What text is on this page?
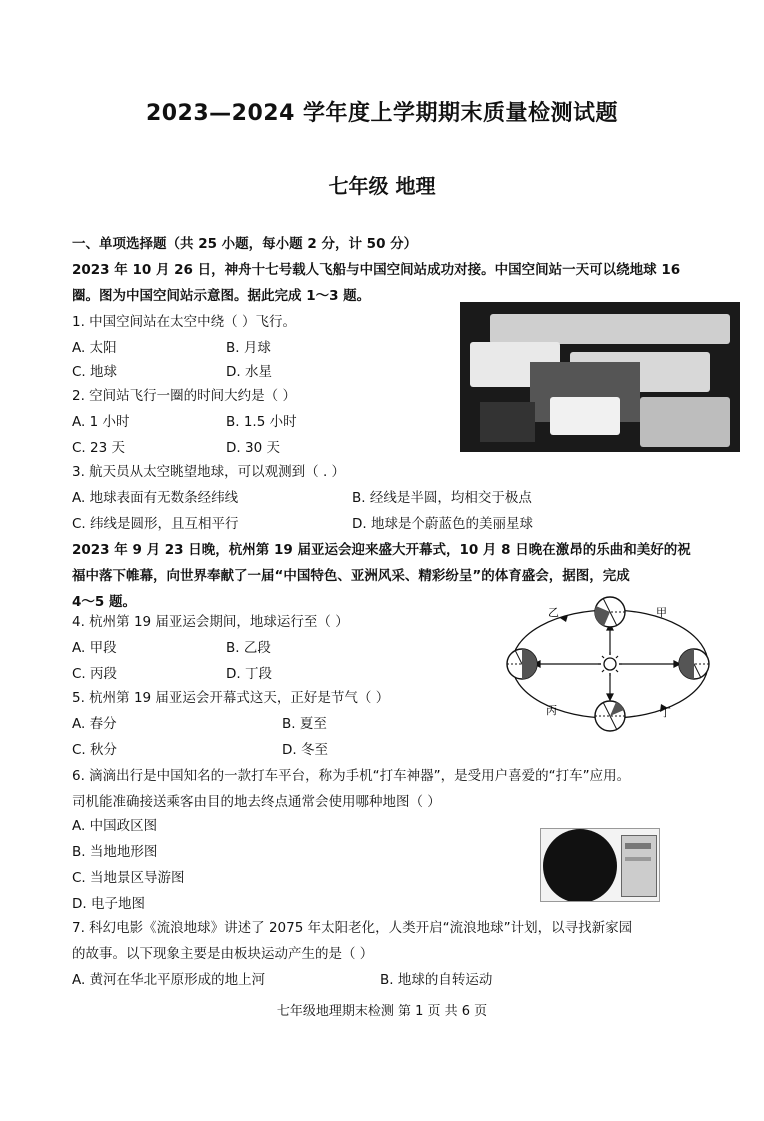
2023—2024 学年度上学期期末质量检测试题
七年级 地理
一、单项选择题（共 25 小题，每小题 2 分，计 50 分）
2023 年 10 月 26 日，神舟十七号载人飞船与中国空间站成功对接。中国空间站一天可以绕地球 16
圈。图为中国空间站示意图。据此完成 1～3 题。
1. 中国空间站在太空中绕（ ）飞行。
A. 太阳	B. 月球
C. 地球	D. 水星
2. 空间站飞行一圈的时间大约是（ ）
A. 1 小时	B. 1.5 小时
C. 23 天	D. 30 天
3. 航天员从太空眺望地球，可以观测到（ . ）
A. 地球表面有无数条经纬线	B. 经线是半圆，均相交于极点
C. 纬线是圆形，且互相平行	D. 地球是个蔚蓝色的美丽星球
2023 年 9 月 23 日晚，杭州第 19 届亚运会迎来盛大开幕式，10 月 8 日晚在激昂的乐曲和美好的祝
福中落下帷幕，向世界奉献了一届“中国特色、亚洲风采、精彩纷呈”的体育盛会，据图，完成
4～5 题。
4. 杭州第 19 届亚运会期间，地球运行至（ ）
A. 甲段	B. 乙段
C. 丙段	D. 丁段
5. 杭州第 19 届亚运会开幕式这天，正好是节气（ ）
A. 春分	B. 夏至
C. 秋分	D. 冬至
乙	甲
丙	丁
6. 滴滴出行是中国知名的一款打车平台，称为手机“打车神器”，是受用户喜爱的“打车”应用。
司机能准确接送乘客由目的地去终点通常会使用哪种地图（ ）
A. 中国政区图
B. 当地地形图
C. 当地景区导游图
D. 电子地图
7. 科幻电影《流浪地球》讲述了 2075 年太阳老化，人类开启“流浪地球”计划，以寻找新家园
的故事。以下现象主要是由板块运动产生的是（ ）
A. 黄河在华北平原形成的地上河	B. 地球的自转运动
七年级地理期末检测 第 1 页 共 6 页
